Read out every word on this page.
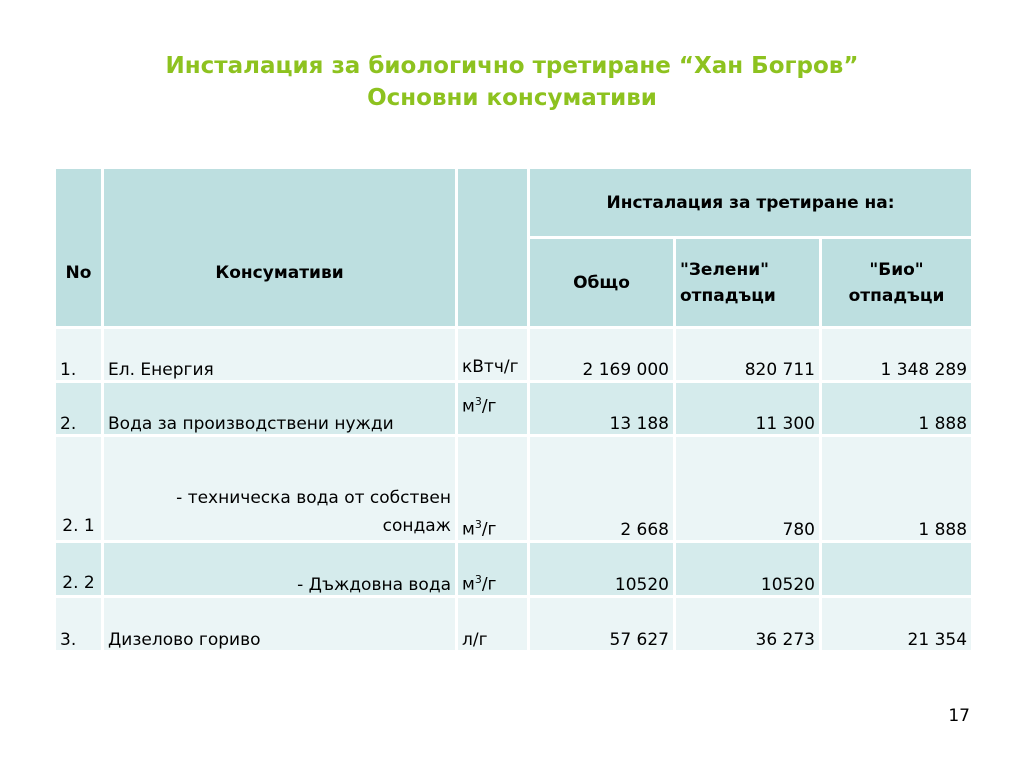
Инсталация за биологично третиране “Хан Богров”
Основни консумативи
No	Консумативи		Инсталация за третиране на:		
			Общо	"Зелени" отпадъци	"Био" отпадъци
1.	Ел. Енергия	кВтч/г	2 169 000	820 711	1 348 289
2.	Вода за производствени нужди	$м^3/г$	13 188	11 300	1 888
2. 1	- техническа вода от собствен сондаж	$м^3/г$	2 668	780	1 888
2. 2	- Дъждовна вода	$м^3/г$	10520	10520	
3.	Дизелово гориво	л/г	57 627	36 273	21 354
17
